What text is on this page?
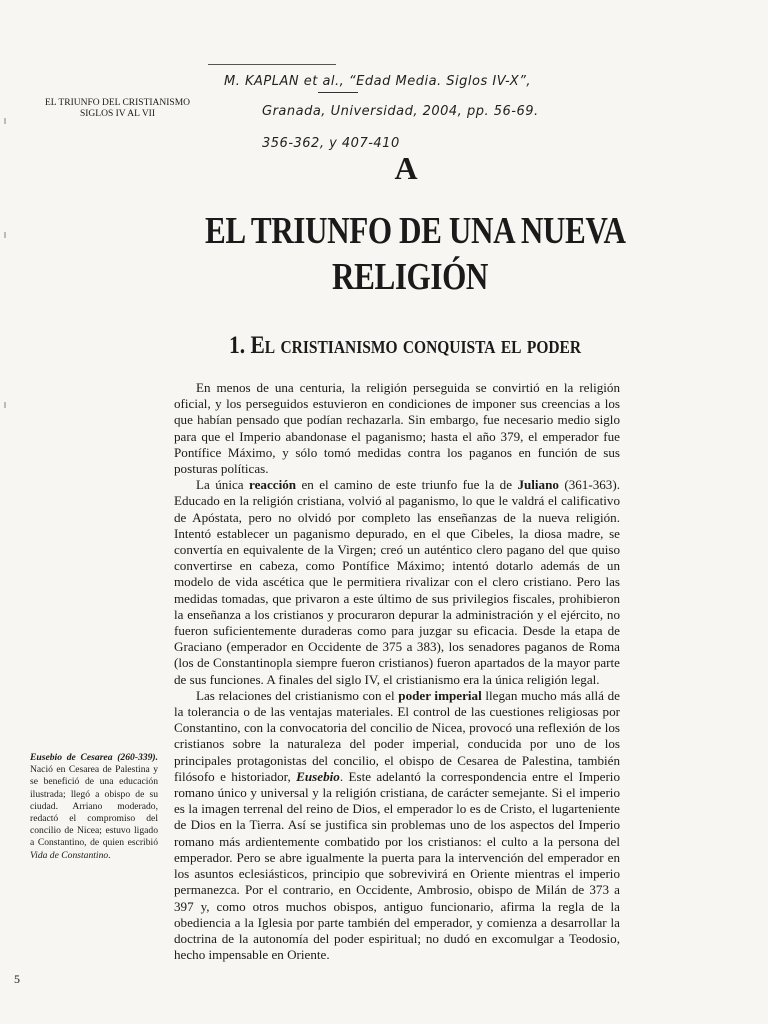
EL TRIUNFO DEL CRISTIANISMO
SIGLOS IV AL VII
M. KAPLAN et al., “Edad Media. Siglos IV-X”,
Granada, Universidad, 2004, pp. 56-69.
356-362, y 407-410
A
EL TRIUNFO DE UNA NUEVA
RELIGIÓN
1. El cristianismo conquista el poder

En menos de una centuria, la religión perseguida se convirtió en la religión oficial, y los perseguidos estuvieron en condiciones de imponer sus creencias a los que habían pensado que podían rechazarla. Sin embargo, fue necesario medio siglo para que el Imperio abandonase el paganismo; hasta el año 379, el emperador fue Pontífice Máximo, y sólo tomó medidas contra los paganos en función de sus posturas políticas.

La única reacción en el camino de este triunfo fue la de Juliano (361-363). Educado en la religión cristiana, volvió al paganismo, lo que le valdrá el calificativo de Apóstata, pero no olvidó por completo las enseñanzas de la nueva religión. Intentó establecer un paganismo depurado, en el que Cibeles, la diosa madre, se convertía en equivalente de la Virgen; creó un auténtico clero pagano del que quiso convertirse en cabeza, como Pontífice Máximo; intentó dotarlo además de un modelo de vida ascética que le permitiera rivalizar con el clero cristiano. Pero las medidas tomadas, que privaron a este último de sus privilegios fiscales, prohibieron la enseñanza a los cristianos y procuraron depurar la administración y el ejército, no fueron suficientemente duraderas como para juzgar su eficacia. Desde la etapa de Graciano (emperador en Occidente de 375 a 383), los senadores paganos de Roma (los de Constantinopla siempre fueron cristianos) fueron apartados de la mayor parte de sus funciones. A finales del siglo IV, el cristianismo era la única religión legal.

Las relaciones del cristianismo con el poder imperial llegan mucho más allá de la tolerancia o de las ventajas materiales. El control de las cuestiones religiosas por Constantino, con la convocatoria del concilio de Nicea, provocó una reflexión de los cristianos sobre la naturaleza del poder imperial, conducida por uno de los principales protagonistas del concilio, el obispo de Cesarea de Palestina, también filósofo e historiador, Eusebio. Este adelantó la correspondencia entre el Imperio romano único y universal y la religión cristiana, de carácter semejante. Si el imperio es la imagen terrenal del reino de Dios, el emperador lo es de Cristo, el lugarteniente de Dios en la Tierra. Así se justifica sin problemas uno de los aspectos del Imperio romano más ardientemente combatido por los cristianos: el culto a la persona del emperador. Pero se abre igualmente la puerta para la intervención del emperador en los asuntos eclesiásticos, principio que sobrevivirá en Oriente mientras el imperio permanezca. Por el contrario, en Occidente, Ambrosio, obispo de Milán de 373 a 397 y, como otros muchos obispos, antiguo funcionario, afirma la regla de la obediencia a la Iglesia por parte también del emperador, y comienza a desarrollar la doctrina de la autonomía del poder espiritual; no dudó en excomulgar a Teodosio, hecho impensable en Oriente.

Eusebio de Cesarea (260-339). Nació en Cesarea de Palestina y se benefició de una educación ilustrada; llegó a obispo de su ciudad. Arriano moderado, redactó el compromiso del concilio de Nicea; estuvo ligado a Constantino, de quien escribió Vida de Constantino.
5
